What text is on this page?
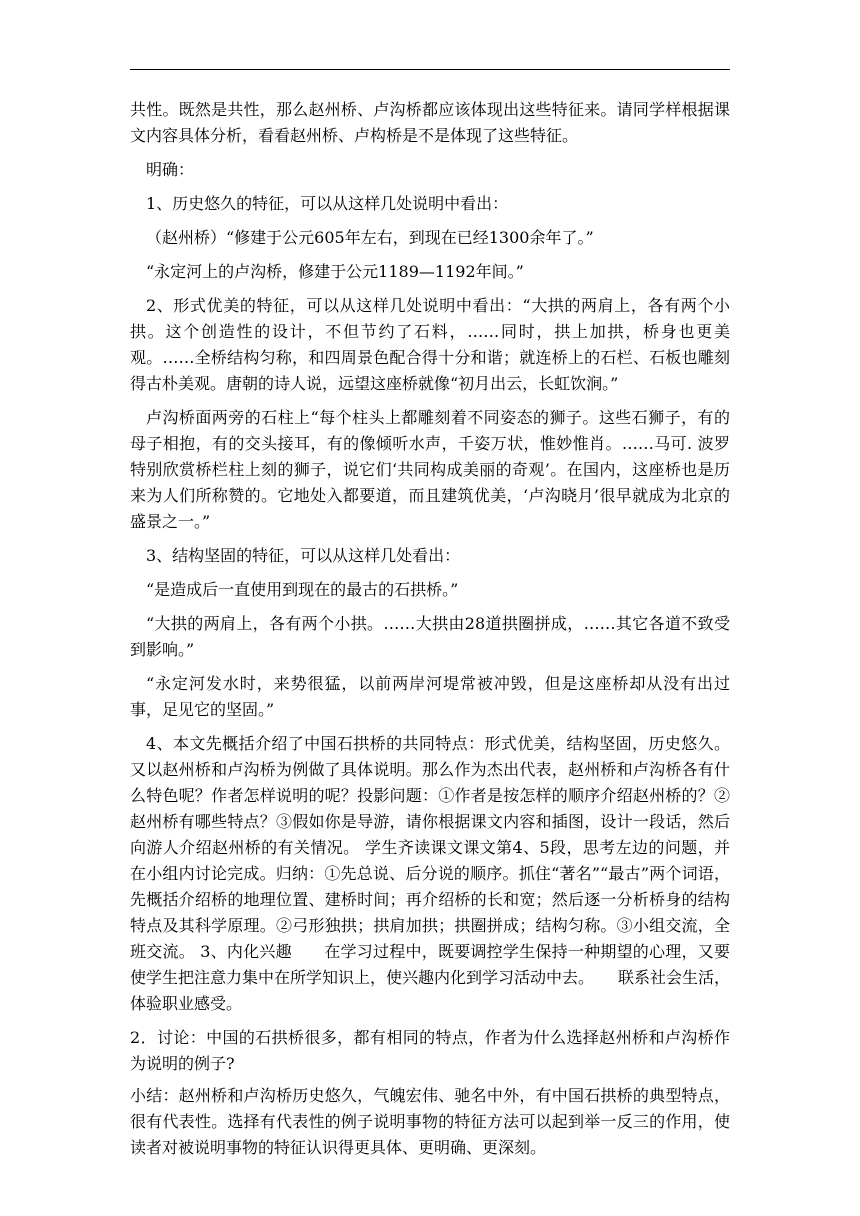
共性。既然是共性，那么赵州桥、卢沟桥都应该体现出这些特征来。请同学样根据课文内容具体分析，看看赵州桥、卢构桥是不是体现了这些特征。

明确：

1、历史悠久的特征，可以从这样几处说明中看出：

（赵州桥）“修建于公元605年左右，到现在已经1300余年了。”

“永定河上的卢沟桥，修建于公元1189—1192年间。”

2、形式优美的特征，可以从这样几处说明中看出：“大拱的两肩上，各有两个小拱。这个创造性的设计，不但节约了石料，……同时，拱上加拱，桥身也更美观。……全桥结构匀称，和四周景色配合得十分和谐；就连桥上的石栏、石板也雕刻得古朴美观。唐朝的诗人说，远望这座桥就像“初月出云，长虹饮涧。”

卢沟桥面两旁的石柱上“每个柱头上都雕刻着不同姿态的狮子。这些石狮子，有的母子相抱，有的交头接耳，有的像倾听水声，千姿万状，惟妙惟肖。……马可. 波罗特别欣赏桥栏柱上刻的狮子，说它们‘共同构成美丽的奇观’。在国内，这座桥也是历来为人们所称赞的。它地处入都要道，而且建筑优美，‘卢沟晓月’很早就成为北京的盛景之一。”

3、结构坚固的特征，可以从这样几处看出：

“是造成后一直使用到现在的最古的石拱桥。”

“大拱的两肩上，各有两个小拱。……大拱由28道拱圈拼成，……其它各道不致受到影响。”

“永定河发水时，来势很猛，以前两岸河堤常被冲毁，但是这座桥却从没有出过事，足见它的坚固。”

4、本文先概括介绍了中国石拱桥的共同特点：形式优美，结构坚固，历史悠久。又以赵州桥和卢沟桥为例做了具体说明。那么作为杰出代表，赵州桥和卢沟桥各有什么特色呢？作者怎样说明的呢？投影问题：①作者是按怎样的顺序介绍赵州桥的？②赵州桥有哪些特点？③假如你是导游，请你根据课文内容和插图，设计一段话，然后向游人介绍赵州桥的有关情况。 学生齐读课文课文第4、5段，思考左边的问题，并在小组内讨论完成。归纳：①先总说、后分说的顺序。抓住“著名”“最古”两个词语，先概括介绍桥的地理位置、建桥时间；再介绍桥的长和宽；然后逐一分析桥身的结构特点及其科学原理。②弓形独拱；拱肩加拱；拱圈拼成；结构匀称。③小组交流，全班交流。 3、内化兴趣　　在学习过程中，既要调控学生保持一种期望的心理，又要使学生把注意力集中在所学知识上，使兴趣内化到学习活动中去。　　联系社会生活，体验职业感受。

2．讨论：中国的石拱桥很多，都有相同的特点，作者为什么选择赵州桥和卢沟桥作为说明的例子?

小结：赵州桥和卢沟桥历史悠久，气魄宏伟、驰名中外，有中国石拱桥的典型特点，很有代表性。选择有代表性的例子说明事物的特征方法可以起到举一反三的作用，使读者对被说明事物的特征认识得更具体、更明确、更深刻。
